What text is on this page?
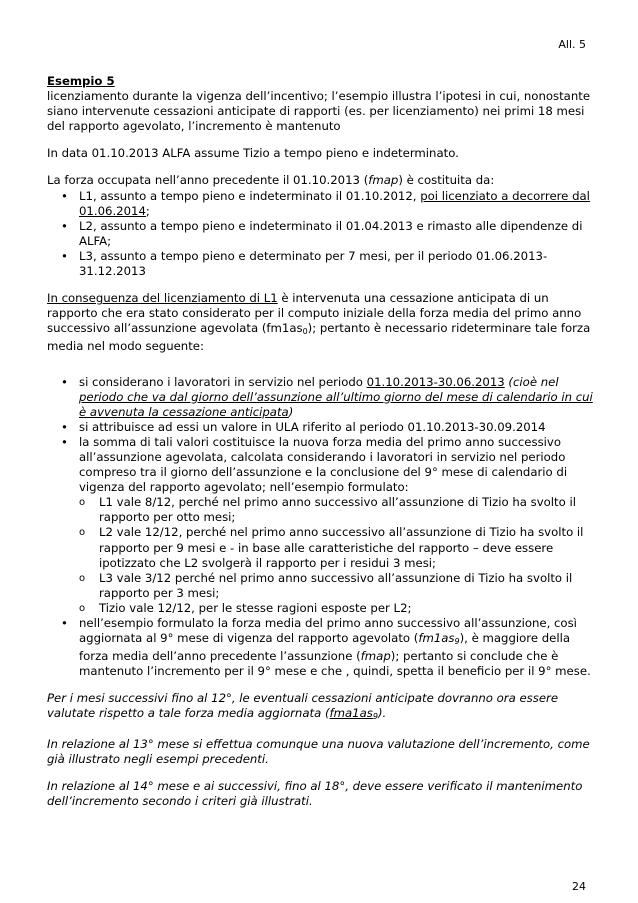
All. 5

Esempio 5
licenziamento durante la vigenza dell’incentivo; l’esempio illustra l’ipotesi in cui, nonostante siano intervenute cessazioni anticipate di rapporti (es. per licenziamento) nei primi 18 mesi del rapporto agevolato, l’incremento è mantenuto

In data 01.10.2013 ALFA assume Tizio a tempo pieno e indeterminato.

La forza occupata nell’anno precedente il 01.10.2013 (fmap) è costituita da:

• L1, assunto a tempo pieno e indeterminato il 01.10.2012, poi licenziato a decorrere dal 01.06.2014;
• L2, assunto a tempo pieno e indeterminato il 01.04.2013 e rimasto alle dipendenze di ALFA;
• L3, assunto a tempo pieno e determinato per 7 mesi, per il periodo 01.06.2013-31.12.2013

In conseguenza del licenziamento di L1 è intervenuta una cessazione anticipata di un rapporto che era stato considerato per il computo iniziale della forza media del primo anno successivo all’assunzione agevolata $(fm1as_0)$; pertanto è necessario rideterminare tale forza media nel modo seguente:

• si considerano i lavoratori in servizio nel periodo 01.10.2013-30.06.2013 (cioè nel periodo che va dal giorno dell’assunzione all’ultimo giorno del mese di calendario in cui è avvenuta la cessazione anticipata)
• si attribuisce ad essi un valore in ULA riferito al periodo 01.10.2013-30.09.2014
• la somma di tali valori costituisce la nuova forza media del primo anno successivo all’assunzione agevolata, calcolata considerando i lavoratori in servizio nel periodo compreso tra il giorno dell’assunzione e la conclusione del 9° mese di calendario di vigenza del rapporto agevolato; nell’esempio formulato:
o L1 vale 8/12, perché nel primo anno successivo all’assunzione di Tizio ha svolto il rapporto per otto mesi;
o L2 vale 12/12, perché nel primo anno successivo all’assunzione di Tizio ha svolto il rapporto per 9 mesi e - in base alle caratteristiche del rapporto – deve essere ipotizzato che L2 svolgerà il rapporto per i residui 3 mesi;
o L3 vale 3/12 perché nel primo anno successivo all’assunzione di Tizio ha svolto il rapporto per 3 mesi;
o Tizio vale 12/12, per le stesse ragioni esposte per L2;
• nell’esempio formulato la forza media del primo anno successivo all’assunzione, così aggiornata al 9° mese di vigenza del rapporto agevolato $(fm1as_9)$, è maggiore della forza media dell’anno precedente l’assunzione (fmap); pertanto si conclude che è mantenuto l’incremento per il 9° mese e che , quindi, spetta il beneficio per il 9° mese.

Per i mesi successivi fino al 12°, le eventuali cessazioni anticipate dovranno ora essere valutate rispetto a tale forza media aggiornata $(fma1as_9)$.

In relazione al 13° mese si effettua comunque una nuova valutazione dell’incremento, come già illustrato negli esempi precedenti.

In relazione al 14° mese e ai successivi, fino al 18°, deve essere verificato il mantenimento dell’incremento secondo i criteri già illustrati.

24
